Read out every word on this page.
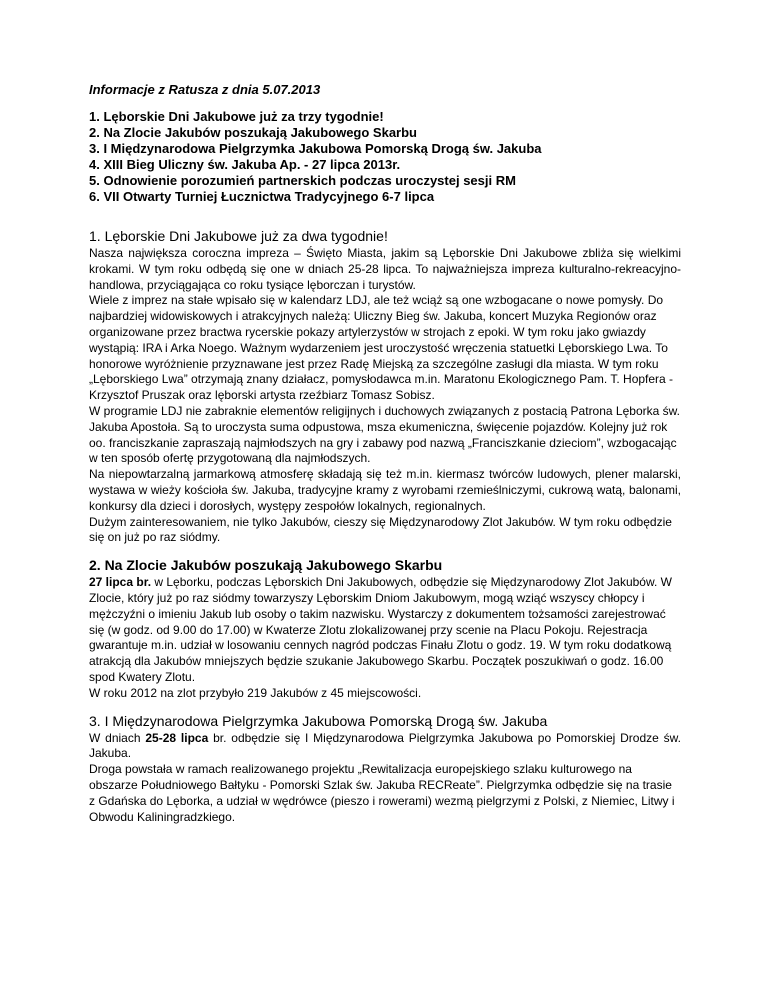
Informacje z Ratusza z dnia 5.07.2013
1. Lęborskie Dni Jakubowe już za trzy tygodnie!
2. Na Zlocie Jakubów poszukają Jakubowego Skarbu
3. I Międzynarodowa Pielgrzymka Jakubowa Pomorską Drogą św. Jakuba
4. XIII Bieg Uliczny św. Jakuba Ap. - 27 lipca 2013r.
5. Odnowienie porozumień partnerskich podczas uroczystej sesji RM
6. VII Otwarty Turniej Łucznictwa Tradycyjnego 6-7 lipca
1. Lęborskie Dni Jakubowe już za dwa tygodnie!

Nasza największa coroczna impreza – Święto Miasta, jakim są Lęborskie Dni Jakubowe zbliża się wielkimi krokami. W tym roku odbędą się one w dniach 25-28 lipca. To najważniejsza impreza kulturalno-rekreacyjno-handlowa, przyciągająca co roku tysiące lęborczan i turystów.

Wiele z imprez na stałe wpisało się w kalendarz LDJ, ale też wciąż są one wzbogacane o nowe pomysły. Do najbardziej widowiskowych i atrakcyjnych należą: Uliczny Bieg św. Jakuba, koncert Muzyka Regionów oraz organizowane przez bractwa rycerskie pokazy artylerzystów w strojach z epoki. W tym roku jako gwiazdy wystąpią: IRA i Arka Noego. Ważnym wydarzeniem jest uroczystość wręczenia statuetki Lęborskiego Lwa. To honorowe wyróżnienie przyznawane jest przez Radę Miejską za szczególne zasługi dla miasta. W tym roku „Lęborskiego Lwa” otrzymają znany działacz, pomysłodawca m.in. Maratonu Ekologicznego Pam. T. Hopfera - Krzysztof Pruszak oraz lęborski artysta rzeźbiarz Tomasz Sobisz.

W programie LDJ nie zabraknie elementów religijnych i duchowych związanych z postacią Patrona Lęborka św. Jakuba Apostoła. Są to uroczysta suma odpustowa, msza ekumeniczna, święcenie pojazdów. Kolejny już rok oo. franciszkanie zapraszają najmłodszych na gry i zabawy pod nazwą „Franciszkanie dzieciom”, wzbogacając w ten sposób ofertę przygotowaną dla najmłodszych.

Na niepowtarzalną jarmarkową atmosferę składają się też m.in. kiermasz twórców ludowych, plener malarski, wystawa w wieży kościoła św. Jakuba, tradycyjne kramy z wyrobami rzemieślniczymi, cukrową watą, balonami, konkursy dla dzieci i dorosłych, występy zespołów lokalnych, regionalnych.

Dużym zainteresowaniem, nie tylko Jakubów, cieszy się Międzynarodowy Zlot Jakubów. W tym roku odbędzie się on już po raz siódmy.

2. Na Zlocie Jakubów poszukają Jakubowego Skarbu

27 lipca br. w Lęborku, podczas Lęborskich Dni Jakubowych, odbędzie się Międzynarodowy Zlot Jakubów. W Zlocie, który już po raz siódmy towarzyszy Lęborskim Dniom Jakubowym, mogą wziąć wszyscy chłopcy i mężczyźni o imieniu Jakub lub osoby o takim nazwisku. Wystarczy z dokumentem tożsamości zarejestrować się (w godz. od 9.00 do 17.00) w Kwaterze Zlotu zlokalizowanej przy scenie na Placu Pokoju. Rejestracja gwarantuje m.in. udział w losowaniu cennych nagród podczas Finału Zlotu o godz. 19. W tym roku dodatkową atrakcją dla Jakubów mniejszych będzie szukanie Jakubowego Skarbu. Początek poszukiwań o godz. 16.00 spod Kwatery Zlotu.

W roku 2012 na zlot przybyło 219 Jakubów z 45 miejscowości.

3. I Międzynarodowa Pielgrzymka Jakubowa Pomorską Drogą św. Jakuba

W dniach 25-28 lipca br. odbędzie się I Międzynarodowa Pielgrzymka Jakubowa po Pomorskiej Drodze św. Jakuba.

Droga powstała w ramach realizowanego projektu „Rewitalizacja europejskiego szlaku kulturowego na obszarze Południowego Bałtyku - Pomorski Szlak św. Jakuba RECReate”. Pielgrzymka odbędzie się na trasie z Gdańska do Lęborka, a udział w wędrówce (pieszo i rowerami) wezmą pielgrzymi z Polski, z Niemiec, Litwy i Obwodu Kaliningradzkiego.
